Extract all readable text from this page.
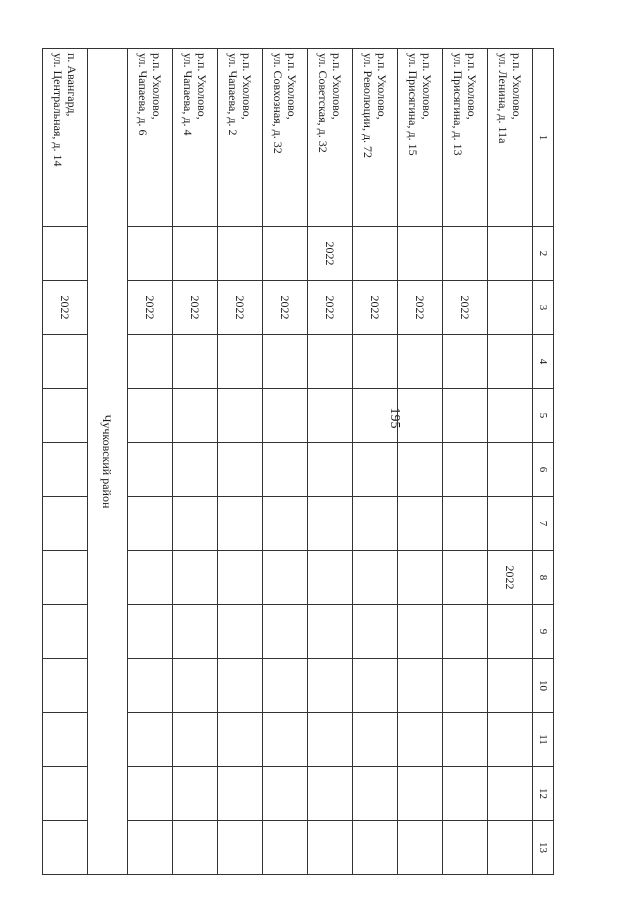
195
1	2	3	4	5	6	7	8	9	10	11	12	13

р.п. Ухолово,
ул. Ленина, д. 11а							2022					

р.п. Ухолово,
ул. Присягина, д. 13		2022										

р.п. Ухолово,
ул. Присягина, д. 15		2022										

р.п. Ухолово,
ул. Революции, д. 72		2022										

р.п. Ухолово,
ул. Советская, д. 32	2022	2022										

р.п. Ухолово,
ул. Совхозная, д. 32		2022										

р.п. Ухолово,
ул. Чапаева, д. 2		2022										

р.п. Ухолово,
ул. Чапаева, д. 4		2022										

р.п. Ухолово,
ул. Чапаева, д. 6		2022										
Чучковский район												

п. Авангард,
ул. Центральная, д. 14		2022										
